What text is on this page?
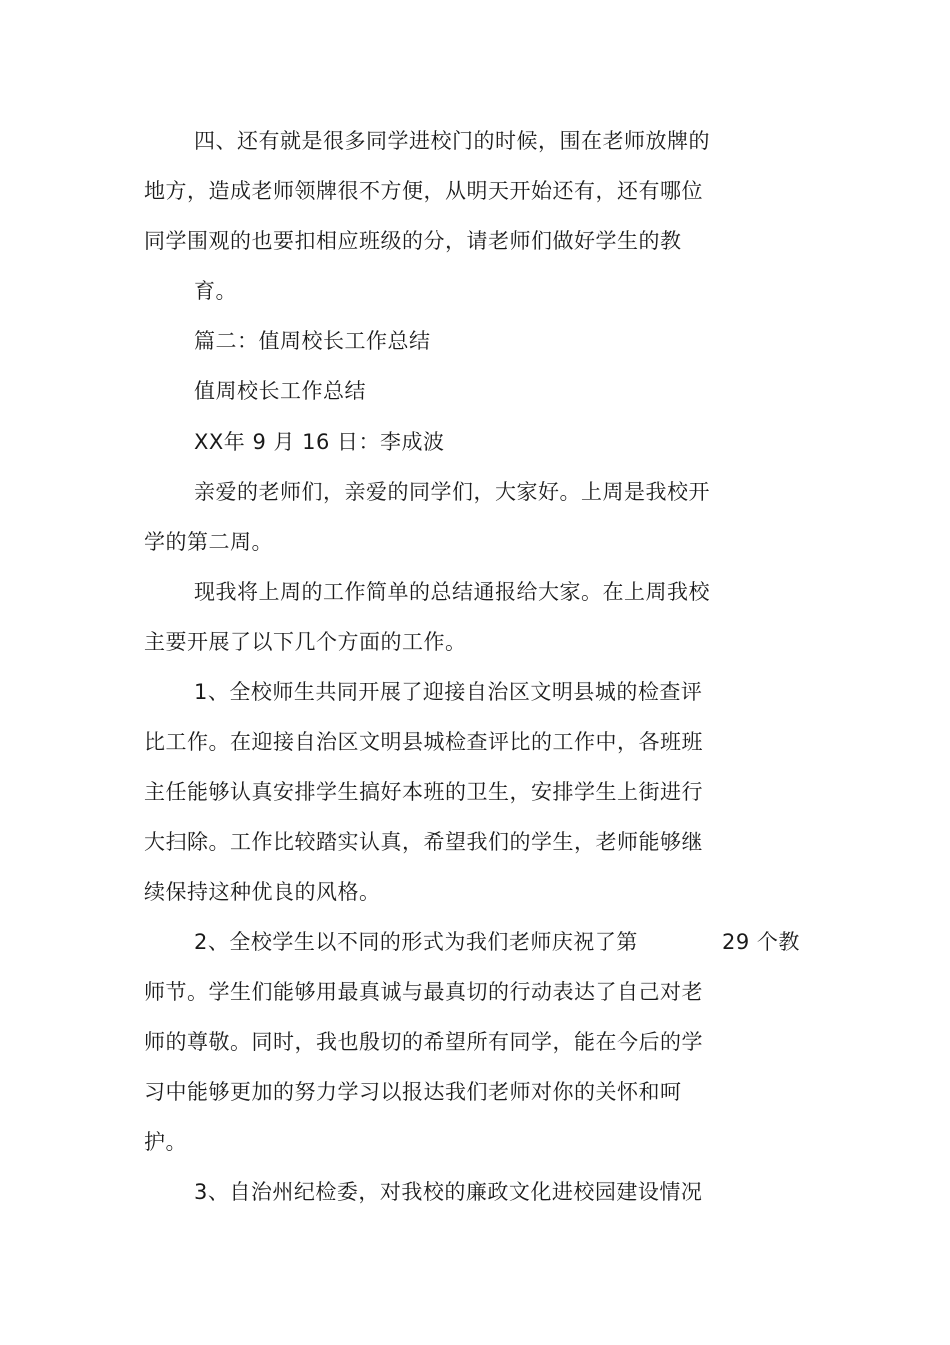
四、还有就是很多同学进校门的时候，围在老师放牌的
地方，造成老师领牌很不方便，从明天开始还有，还有哪位
同学围观的也要扣相应班级的分，请老师们做好学生的教
育。
篇二：值周校长工作总结
值周校长工作总结
XX年 9 月 16 日：李成波
亲爱的老师们，亲爱的同学们，大家好。上周是我校开
学的第二周。
现我将上周的工作简单的总结通报给大家。在上周我校
主要开展了以下几个方面的工作。
1、全校师生共同开展了迎接自治区文明县城的检查评
比工作。在迎接自治区文明县城检查评比的工作中，各班班
主任能够认真安排学生搞好本班的卫生，安排学生上街进行
大扫除。工作比较踏实认真，希望我们的学生，老师能够继
续保持这种优良的风格。
2、全校学生以不同的形式为我们老师庆祝了第	29 个教
师节。学生们能够用最真诚与最真切的行动表达了自己对老
师的尊敬。同时，我也殷切的希望所有同学，能在今后的学
习中能够更加的努力学习以报达我们老师对你的关怀和呵
护。
3、自治州纪检委，对我校的廉政文化进校园建设情况
